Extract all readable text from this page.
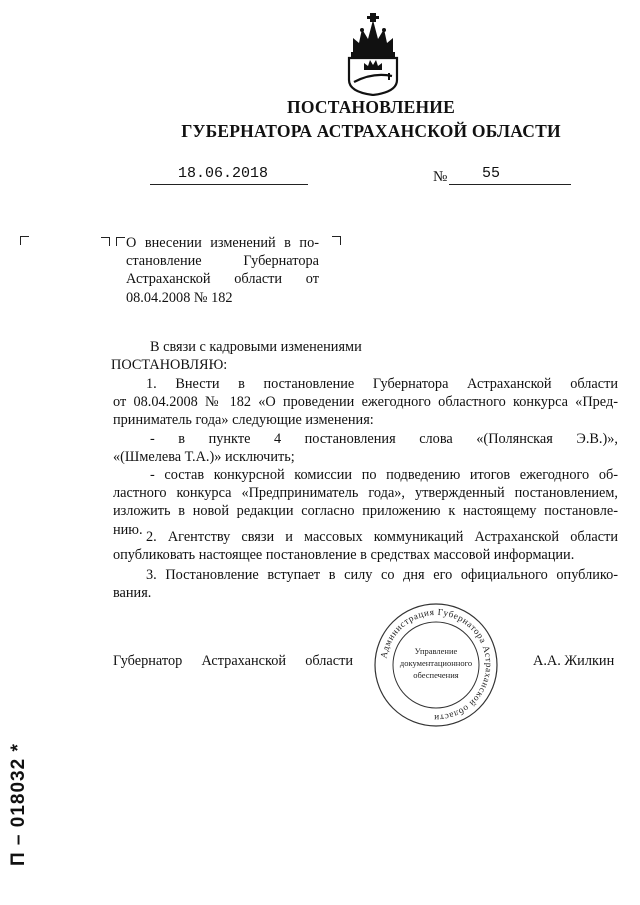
ПОСТАНОВЛЕНИЕ
ГУБЕРНАТОРА АСТРАХАНСКОЙ ОБЛАСТИ
18.06.2018	№ 55
О внесении изменений в по-
становление Губернатора
Астраханской области от
08.04.2008 № 182
В связи с кадровыми изменениями
ПОСТАНОВЛЯЮ:
1. Внести в постановление Губернатора Астраханской области
от 08.04.2008 № 182 «О проведении ежегодного областного конкурса «Пред-
приниматель года» следующие изменения:
- в пункте 4 постановления слова «(Полянская Э.В.)»,
«(Шмелева Т.А.)» исключить;
- состав конкурсной комиссии по подведению итогов ежегодного об-
ластного конкурса «Предприниматель года», утвержденный постановлением,
изложить в новой редакции согласно приложению к настоящему постановле-
нию. 2. Агентству связи и массовых коммуникаций Астраханской области
опубликовать настоящее постановление в средствах массовой информации.
3. Постановление вступает в силу со дня его официального опублико-
вания.
Губернатор Астраханской области	А.А. Жилкин
Администрация Губернатора Астраханской области
Управление
документационного
обеспечения
П – 018032 *
